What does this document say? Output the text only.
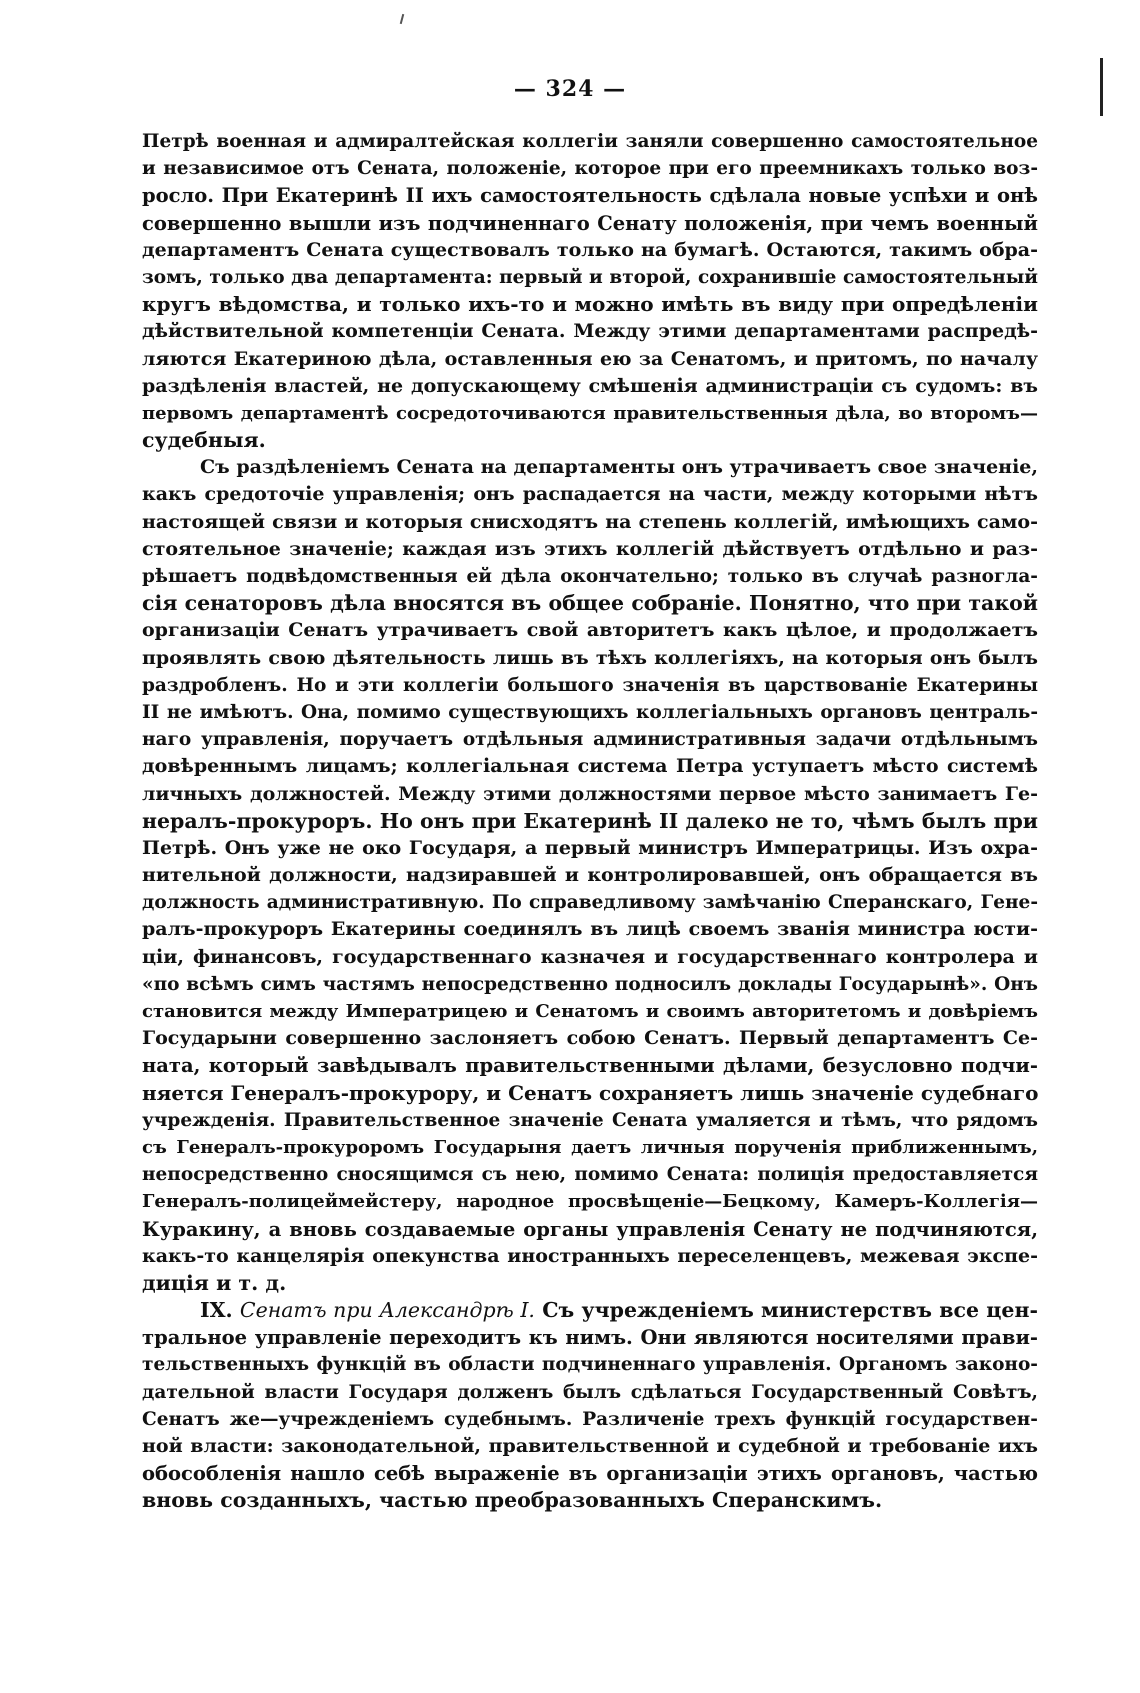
— 324 —
Петрѣ военная и адмиралтейская коллегіи заняли совершенно самостоятельное
и независимое отъ Сената, положеніе, которое при его преемникахъ только воз-
росло. При Екатеринѣ II ихъ самостоятельность сдѣлала новые успѣхи и онѣ
совершенно вышли изъ подчиненнаго Сенату положенія, при чемъ военный
департаментъ Сената существовалъ только на бумагѣ. Остаются, такимъ обра-
зомъ, только два департамента: первый и второй, сохранившіе самостоятельный
кругъ вѣдомства, и только ихъ-то и можно имѣть въ виду при опредѣленіи
дѣйствительной компетенціи Сената. Между этими департаментами распредѣ-
ляются Екатериною дѣла, оставленныя ею за Сенатомъ, и притомъ, по началу
раздѣленія властей, не допускающему смѣшенія администраціи съ судомъ: въ
первомъ департаментѣ сосредоточиваются правительственныя дѣла, во второмъ—
судебныя.
Съ раздѣленіемъ Сената на департаменты онъ утрачиваетъ свое значеніе,
какъ средоточіе управленія; онъ распадается на части, между которыми нѣтъ
настоящей связи и которыя снисходятъ на степень коллегій, имѣющихъ само-
стоятельное значеніе; каждая изъ этихъ коллегій дѣйствуетъ отдѣльно и раз-
рѣшаетъ подвѣдомственныя ей дѣла окончательно; только въ случаѣ разногла-
сія сенаторовъ дѣла вносятся въ общее собраніе. Понятно, что при такой
организаціи Сенатъ утрачиваетъ свой авторитетъ какъ цѣлое, и продолжаетъ
проявлять свою дѣятельность лишь въ тѣхъ коллегіяхъ, на которыя онъ былъ
раздробленъ. Но и эти коллегіи большого значенія въ царствованіе Екатерины
II не имѣютъ. Она, помимо существующихъ коллегіальныхъ органовъ централь-
наго управленія, поручаетъ отдѣльныя административныя задачи отдѣльнымъ
довѣреннымъ лицамъ; коллегіальная система Петра уступаетъ мѣсто системѣ
личныхъ должностей. Между этими должностями первое мѣсто занимаетъ Ге-
нералъ-прокуроръ. Но онъ при Екатеринѣ II далеко не то, чѣмъ былъ при
Петрѣ. Онъ уже не око Государя, а первый министръ Императрицы. Изъ охра-
нительной должности, надзиравшей и контролировавшей, онъ обращается въ
должность административную. По справедливому замѣчанію Сперанскаго, Гене-
ралъ-прокуроръ Екатерины соединялъ въ лицѣ своемъ званія министра юсти-
ціи, финансовъ, государственнаго казначея и государственнаго контролера и
«по всѣмъ симъ частямъ непосредственно подносилъ доклады Государынѣ». Онъ
становится между Императрицею и Сенатомъ и своимъ авторитетомъ и довѣріемъ
Государыни совершенно заслоняетъ собою Сенатъ. Первый департаментъ Се-
ната, который завѣдывалъ правительственными дѣлами, безусловно подчи-
няется Генералъ-прокурору, и Сенатъ сохраняетъ лишь значеніе судебнаго
учрежденія. Правительственное значеніе Сената умаляется и тѣмъ, что рядомъ
съ Генералъ-прокуроромъ Государыня даетъ личныя порученія приближеннымъ,
непосредственно сносящимся съ нею, помимо Сената: полиція предоставляется
Генералъ-полицеймейстеру, народное просвѣщеніе—Бецкому, Камеръ-Коллегія—
Куракину, а вновь создаваемые органы управленія Сенату не подчиняются,
какъ-то канцелярія опекунства иностранныхъ переселенцевъ, межевая экспе-
диція и т. д.
IX. Сенатъ при Александрѣ I. Съ учрежденіемъ министерствъ все цен-
тральное управленіе переходитъ къ нимъ. Они являются носителями прави-
тельственныхъ функцій въ области подчиненнаго управленія. Органомъ законо-
дательной власти Государя долженъ былъ сдѣлаться Государственный Совѣтъ,
Сенатъ же—учрежденіемъ судебнымъ. Различеніе трехъ функцій государствен-
ной власти: законодательной, правительственной и судебной и требованіе ихъ
обособленія нашло себѣ выраженіе въ организаціи этихъ органовъ, частью
вновь созданныхъ, частью преобразованныхъ Сперанскимъ.
